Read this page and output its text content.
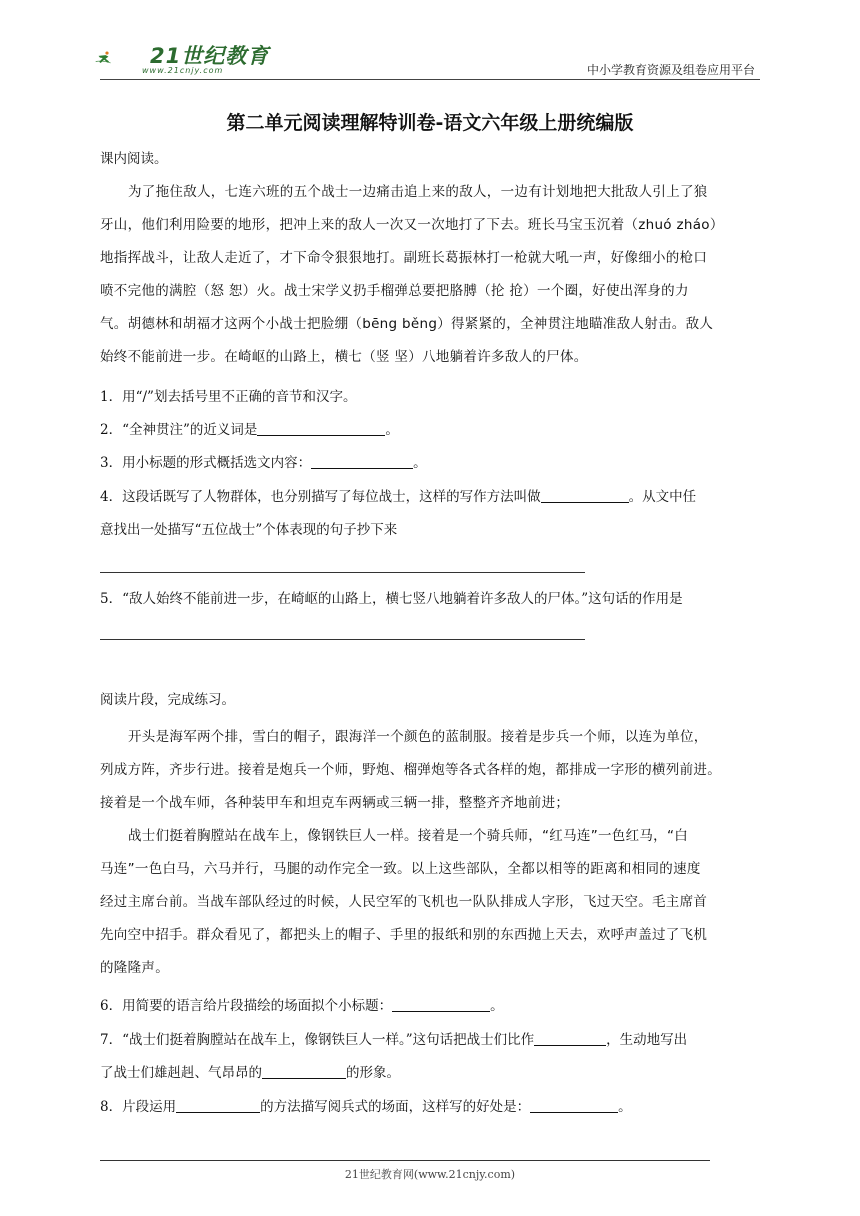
21世纪教育
www.21cnjy.com	中小学教育资源及组卷应用平台
第二单元阅读理解特训卷-语文六年级上册统编版
课内阅读。
为了拖住敌人，七连六班的五个战士一边痛击追上来的敌人，一边有计划地把大批敌人引上了狼
牙山，他们利用险要的地形，把冲上来的敌人一次又一次地打了下去。班长马宝玉沉着（zhuó zháo）
地指挥战斗，让敌人走近了，才下命令狠狠地打。副班长葛振林打一枪就大吼一声，好像细小的枪口
喷不完他的满腔（怒 恕）火。战士宋学义扔手榴弹总要把胳膊（抡 抢）一个圈，好使出浑身的力
气。胡德林和胡福才这两个小战士把脸绷（bēng běng）得紧紧的，全神贯注地瞄准敌人射击。敌人
始终不能前进一步。在崎岖的山路上，横七（竖 坚）八地躺着许多敌人的尸体。
1．用“/”划去括号里不正确的音节和汉字。
2．“全神贯注”的近义词是	。
3．用小标题的形式概括选文内容：	。
4．这段话既写了人物群体，也分别描写了每位战士，这样的写作方法叫做	。从文中任
意找出一处描写“五位战士”个体表现的句子抄下来
5．“敌人始终不能前进一步，在崎岖的山路上，横七竖八地躺着许多敌人的尸体。”这句话的作用是
阅读片段，完成练习。
开头是海军两个排，雪白的帽子，跟海洋一个颜色的蓝制服。接着是步兵一个师，以连为单位，
列成方阵，齐步行进。接着是炮兵一个师，野炮、榴弹炮等各式各样的炮，都排成一字形的横列前进。
接着是一个战车师，各种装甲车和坦克车两辆或三辆一排，整整齐齐地前进；
战士们挺着胸膛站在战车上，像钢铁巨人一样。接着是一个骑兵师，“红马连”一色红马，“白
马连”一色白马，六马并行，马腿的动作完全一致。以上这些部队，全都以相等的距离和相同的速度
经过主席台前。当战车部队经过的时候，人民空军的飞机也一队队排成人字形，飞过天空。毛主席首
先向空中招手。群众看见了，都把头上的帽子、手里的报纸和别的东西抛上天去，欢呼声盖过了飞机
的隆隆声。
6．用简要的语言给片段描绘的场面拟个小标题：	。
7．“战士们挺着胸膛站在战车上，像钢铁巨人一样。”这句话把战士们比作	，生动地写出
了战士们雄赳赳、气昂昂的	的形象。
8．片段运用	的方法描写阅兵式的场面，这样写的好处是：	。
21世纪教育网(www.21cnjy.com)
